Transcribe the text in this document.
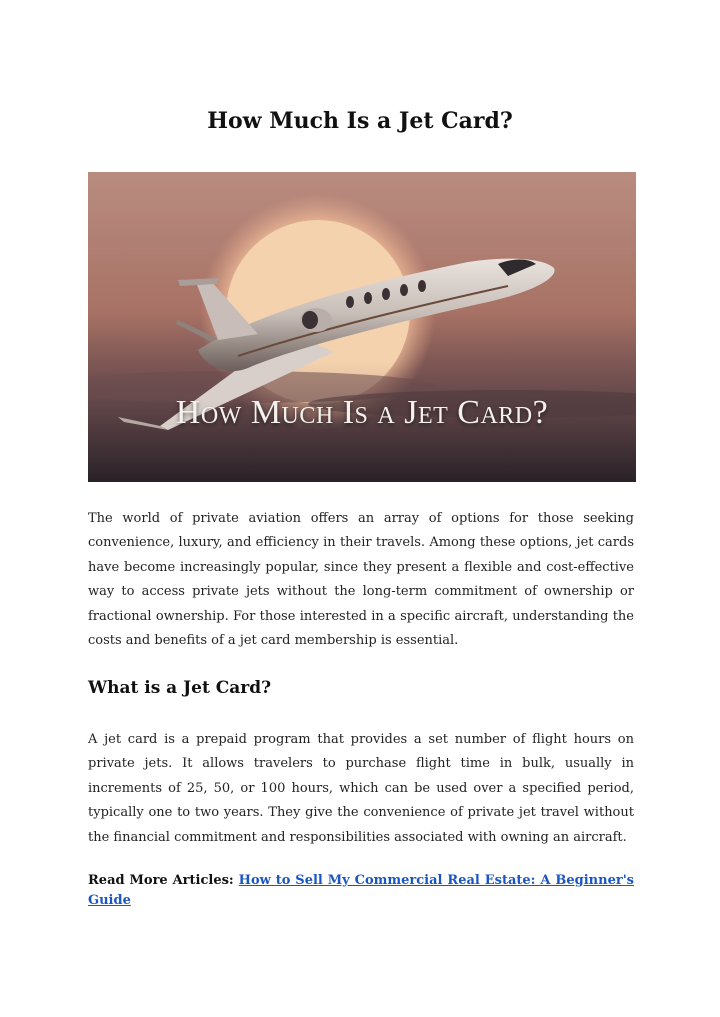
How Much Is a Jet Card?
How Much Is a Jet Card?

The world of private aviation offers an array of options for those seeking convenience, luxury, and efficiency in their travels. Among these options, jet cards have become increasingly popular, since they present a flexible and cost-effective way to access private jets without the long-term commitment of ownership or fractional ownership. For those interested in a specific aircraft, understanding the costs and benefits of a jet card membership is essential.

What is a Jet Card?

A jet card is a prepaid program that provides a set number of flight hours on private jets. It allows travelers to purchase flight time in bulk, usually in increments of 25, 50, or 100 hours, which can be used over a specified period, typically one to two years. They give the convenience of private jet travel without the financial commitment and responsibilities associated with owning an aircraft.

Read More Articles: How to Sell My Commercial Real Estate: A Beginner's Guide
